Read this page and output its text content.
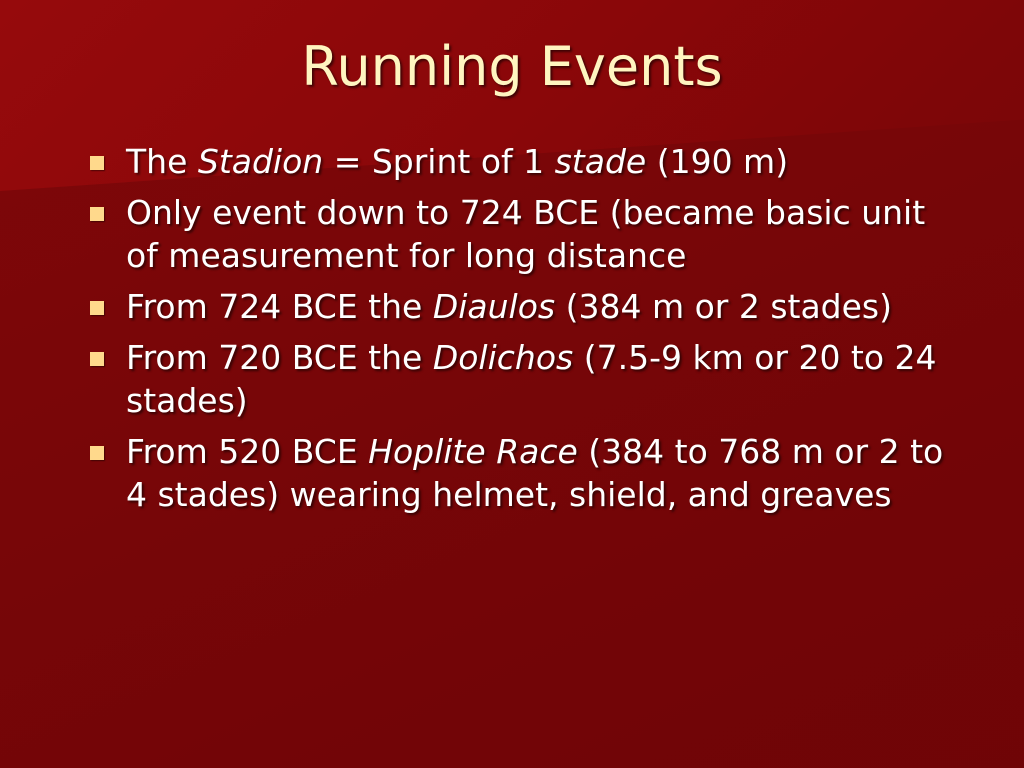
Running Events
The Stadion = Sprint of 1 stade (190 m)
Only event down to 724 BCE (became basic unit of measurement for long distance
From 724 BCE the Diaulos (384 m or 2 stades)
From 720 BCE the Dolichos (7.5-9 km or 20 to 24 stades)
From 520 BCE Hoplite Race (384 to 768 m or 2 to 4 stades) wearing helmet, shield, and greaves
